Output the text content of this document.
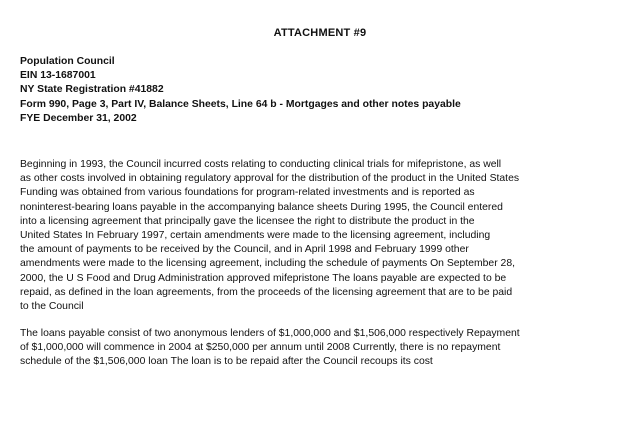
ATTACHMENT #9
Population Council
EIN 13-1687001
NY State Registration #41882
Form 990, Page 3, Part IV, Balance Sheets, Line 64 b - Mortgages and other notes payable
FYE December 31, 2002
Beginning in 1993, the Council incurred costs relating to conducting clinical trials for mifepristone, as well
as other costs involved in obtaining regulatory approval for the distribution of the product in the United States
Funding was obtained from various foundations for program-related investments and is reported as
noninterest-bearing loans payable in the accompanying balance sheets During 1995, the Council entered
into a licensing agreement that principally gave the licensee the right to distribute the product in the
United States In February 1997, certain amendments were made to the licensing agreement, including
the amount of payments to be received by the Council, and in April 1998 and February 1999 other
amendments were made to the licensing agreement, including the schedule of payments On September 28,
2000, the U S Food and Drug Administration approved mifepristone The loans payable are expected to be
repaid, as defined in the loan agreements, from the proceeds of the licensing agreement that are to be paid
to the Council
The loans payable consist of two anonymous lenders of $1,000,000 and $1,506,000 respectively Repayment
of $1,000,000 will commence in 2004 at $250,000 per annum until 2008 Currently, there is no repayment
schedule of the $1,506,000 loan The loan is to be repaid after the Council recoups its cost
